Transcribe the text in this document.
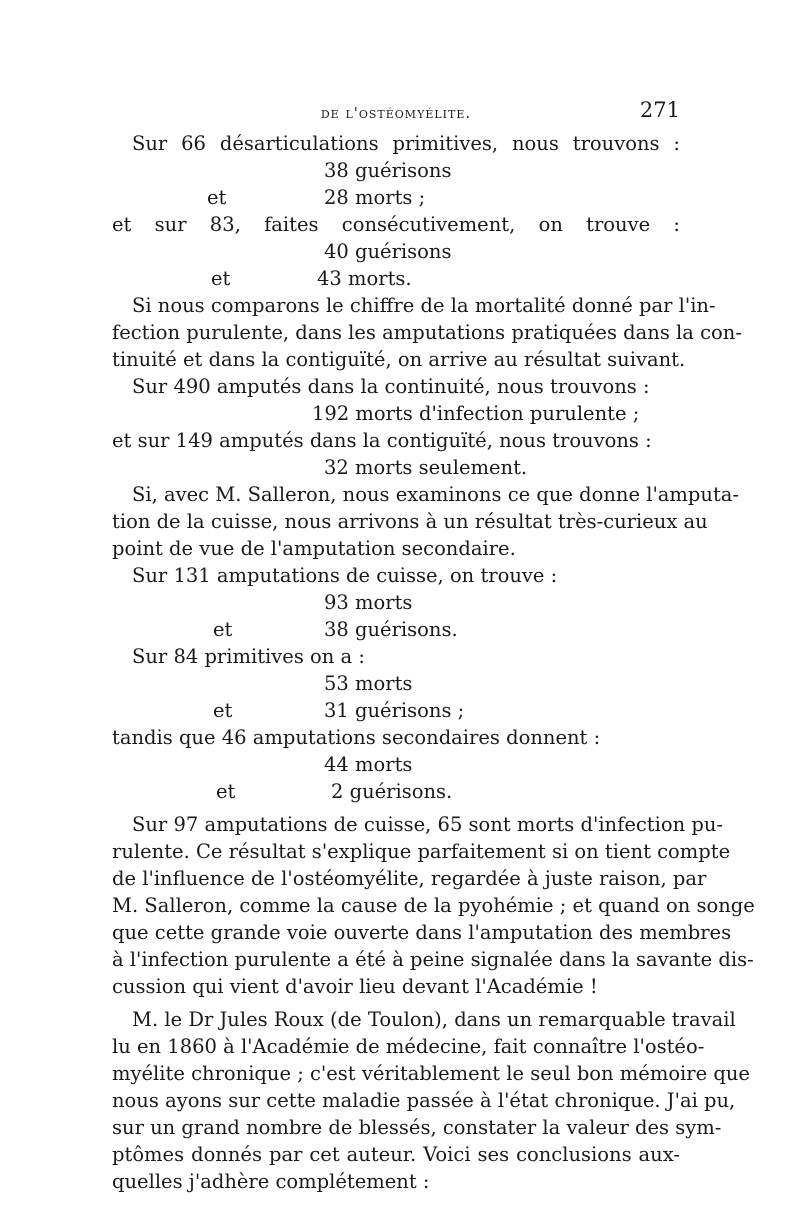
de l'ostéomyélite.	271
Sur 66 désarticulations primitives, nous trouvons :
38 guérisons
et	28 morts ;
et sur 83, faites consécutivement, on trouve :
40 guérisons
et	43 morts.
Si nous comparons le chiffre de la mortalité donné par l'in-
fection purulente, dans les amputations pratiquées dans la con-
tinuité et dans la contiguïté, on arrive au résultat suivant.
Sur 490 amputés dans la continuité, nous trouvons :
192 morts d'infection purulente ;
et sur 149 amputés dans la contiguïté, nous trouvons :
32 morts seulement.
Si, avec M. Salleron, nous examinons ce que donne l'amputa-
tion de la cuisse, nous arrivons à un résultat très-curieux au
point de vue de l'amputation secondaire.
Sur 131 amputations de cuisse, on trouve :
93 morts
et	38 guérisons.
Sur 84 primitives on a :
53 morts
et	31 guérisons ;
tandis que 46 amputations secondaires donnent :
44 morts
et	2 guérisons.
Sur 97 amputations de cuisse, 65 sont morts d'infection pu-
rulente. Ce résultat s'explique parfaitement si on tient compte
de l'influence de l'ostéomyélite, regardée à juste raison, par
M. Salleron, comme la cause de la pyohémie ; et quand on songe
que cette grande voie ouverte dans l'amputation des membres
à l'infection purulente a été à peine signalée dans la savante dis-
cussion qui vient d'avoir lieu devant l'Académie !
M. le Dr Jules Roux (de Toulon), dans un remarquable travail
lu en 1860 à l'Académie de médecine, fait connaître l'ostéo-
myélite chronique ; c'est véritablement le seul bon mémoire que
nous ayons sur cette maladie passée à l'état chronique. J'ai pu,
sur un grand nombre de blessés, constater la valeur des sym-
ptômes donnés par cet auteur. Voici ses conclusions aux-
quelles j'adhère complétement :
